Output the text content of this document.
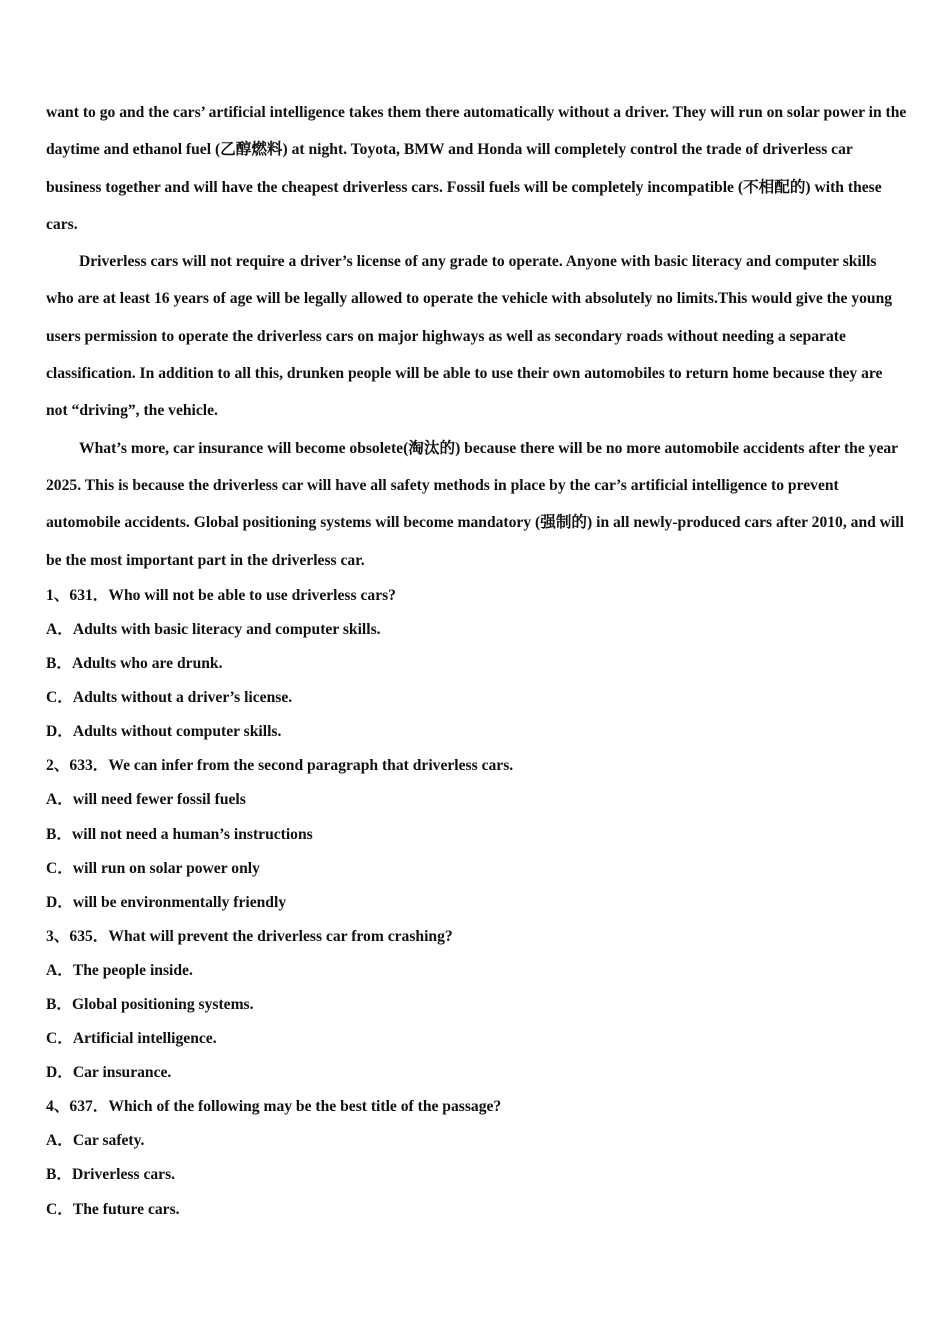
want to go and the cars’ artificial intelligence takes them there automatically without a driver. They will run on solar power in the daytime and ethanol fuel (乙醇燃料) at night. Toyota, BMW and Honda will completely control the trade of driverless car business together and will have the cheapest driverless cars. Fossil fuels will be completely incompatible (不相配的) with these cars.

Driverless cars will not require a driver’s license of any grade to operate. Anyone with basic literacy and computer skills who are at least 16 years of age will be legally allowed to operate the vehicle with absolutely no limits.This would give the young users permission to operate the driverless cars on major highways as well as secondary roads without needing a separate classification. In addition to all this, drunken people will be able to use their own automobiles to return home because they are not “driving”, the vehicle.

What’s more, car insurance will become obsolete(淘汰的) because there will be no more automobile accidents after the year 2025. This is because the driverless car will have all safety methods in place by the car’s artificial intelligence to prevent automobile accidents. Global positioning systems will become mandatory (强制的) in all newly-produced cars after 2010, and will be the most important part in the driverless car.

1、631．Who will not be able to use driverless cars?
A．Adults with basic literacy and computer skills.
B．Adults who are drunk.
C．Adults without a driver’s license.
D．Adults without computer skills.
2、633．We can infer from the second paragraph that driverless cars.
A．will need fewer fossil fuels
B．will not need a human’s instructions
C．will run on solar power only
D．will be environmentally friendly
3、635．What will prevent the driverless car from crashing?
A．The people inside.
B．Global positioning systems.
C．Artificial intelligence.
D．Car insurance.
4、637．Which of the following may be the best title of the passage?
A．Car safety.
B．Driverless cars.
C．The future cars.
